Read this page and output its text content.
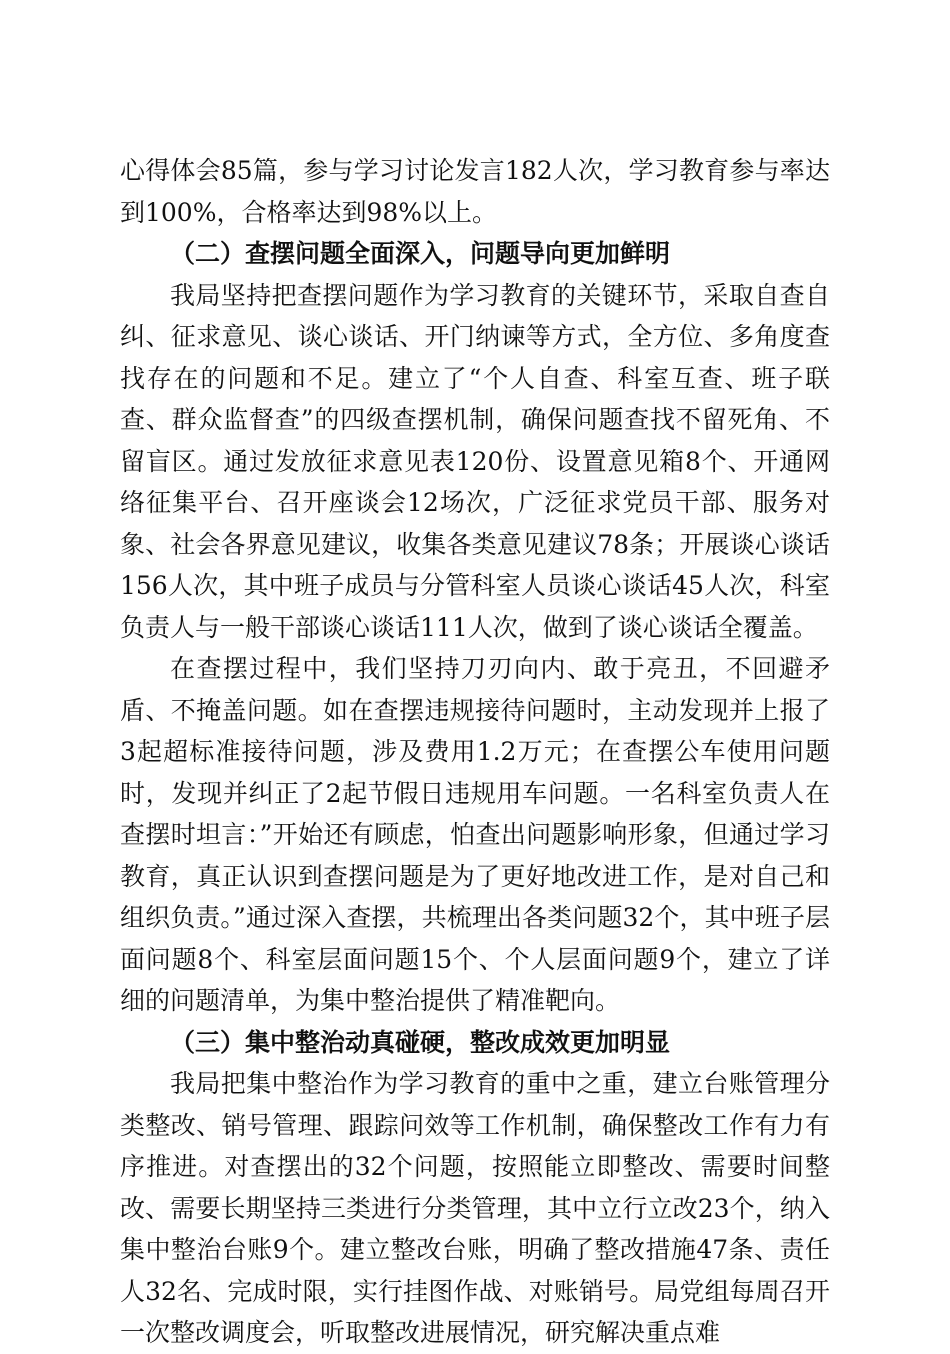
心得体会85篇，参与学习讨论发言182人次，学习教育参与率达到100%，合格率达到98%以上。

（二）查摆问题全面深入，问题导向更加鲜明

我局坚持把查摆问题作为学习教育的关键环节，采取自查自纠、征求意见、谈心谈话、开门纳谏等方式，全方位、多角度查找存在的问题和不足。建立了“个人自查、科室互查、班子联查、群众监督查”的四级查摆机制，确保问题查找不留死角、不留盲区。通过发放征求意见表120份、设置意见箱8个、开通网络征集平台、召开座谈会12场次，广泛征求党员干部、服务对象、社会各界意见建议，收集各类意见建议78条；开展谈心谈话156人次，其中班子成员与分管科室人员谈心谈话45人次，科室负责人与一般干部谈心谈话111人次，做到了谈心谈话全覆盖。

在查摆过程中，我们坚持刀刃向内、敢于亮丑，不回避矛盾、不掩盖问题。如在查摆违规接待问题时，主动发现并上报了3起超标准接待问题，涉及费用1.2万元；在查摆公车使用问题时，发现并纠正了2起节假日违规用车问题。一名科室负责人在查摆时坦言：”开始还有顾虑，怕查出问题影响形象，但通过学习教育，真正认识到查摆问题是为了更好地改进工作，是对自己和组织负责。”通过深入查摆，共梳理出各类问题32个，其中班子层面问题8个、科室层面问题15个、个人层面问题9个，建立了详细的问题清单，为集中整治提供了精准靶向。

（三）集中整治动真碰硬，整改成效更加明显

我局把集中整治作为学习教育的重中之重，建立台账管理分类整改、销号管理、跟踪问效等工作机制，确保整改工作有力有序推进。对查摆出的32个问题，按照能立即整改、需要时间整改、需要长期坚持三类进行分类管理，其中立行立改23个，纳入集中整治台账9个。建立整改台账，明确了整改措施47条、责任人32名、完成时限，实行挂图作战、对账销号。局党组每周召开一次整改调度会，听取整改进展情况，研究解决重点难
